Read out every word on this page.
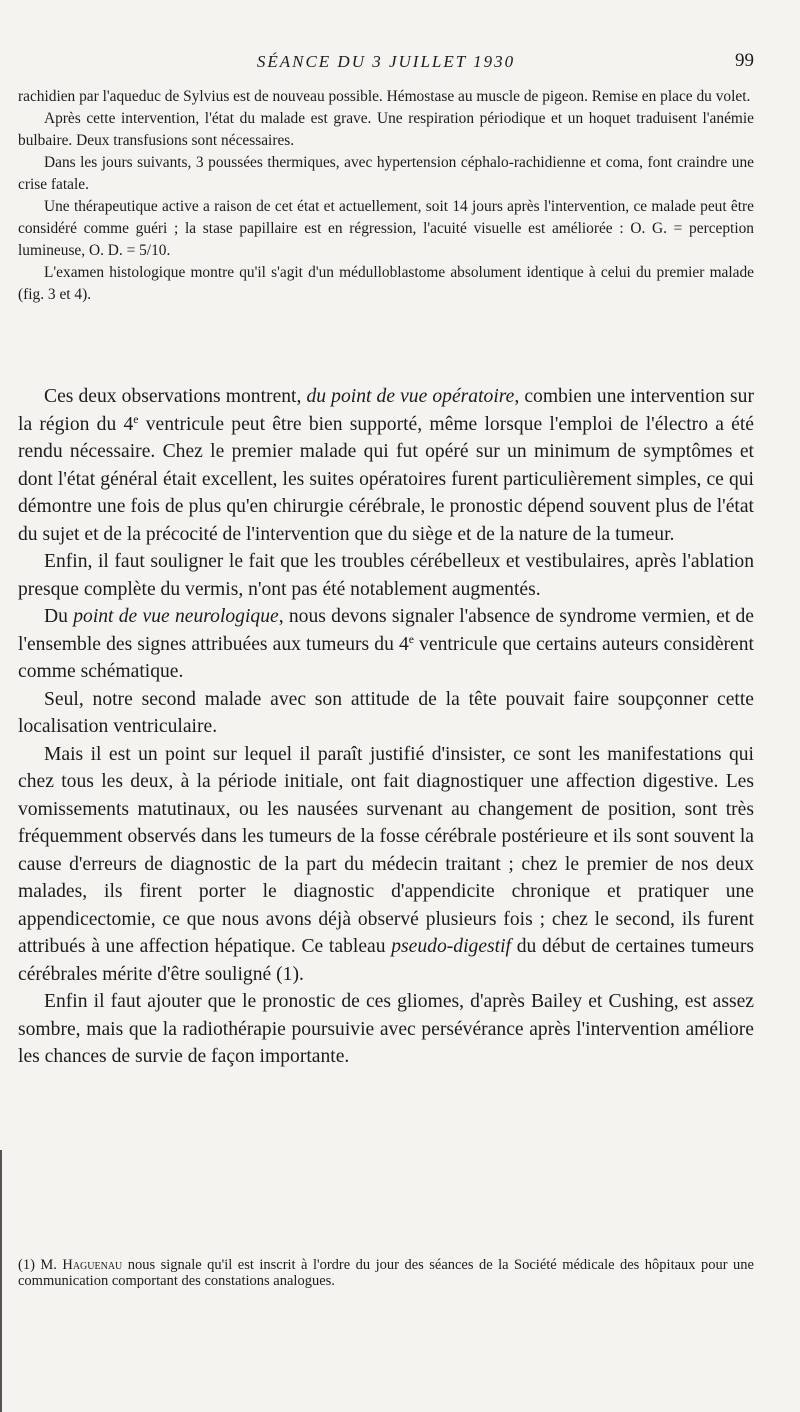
SÉANCE DU 3 JUILLET 1930	99

rachidien par l'aqueduc de Sylvius est de nouveau possible. Hémostase au muscle de pigeon. Remise en place du volet.

Après cette intervention, l'état du malade est grave. Une respiration périodique et un hoquet traduisent l'anémie bulbaire. Deux transfusions sont nécessaires.

Dans les jours suivants, 3 poussées thermiques, avec hypertension céphalo-rachidienne et coma, font craindre une crise fatale.

Une thérapeutique active a raison de cet état et actuellement, soit 14 jours après l'intervention, ce malade peut être considéré comme guéri ; la stase papillaire est en régression, l'acuité visuelle est améliorée : O. G. = perception lumineuse, O. D. = 5/10.

L'examen histologique montre qu'il s'agit d'un médulloblastome absolument identique à celui du premier malade (fig. 3 et 4).

Ces deux observations montrent, du point de vue opératoire, combien une intervention sur la région du 4e ventricule peut être bien supporté, même lorsque l'emploi de l'électro a été rendu nécessaire. Chez le premier malade qui fut opéré sur un minimum de symptômes et dont l'état général était excellent, les suites opératoires furent particulièrement simples, ce qui démontre une fois de plus qu'en chirurgie cérébrale, le pronostic dépend souvent plus de l'état du sujet et de la précocité de l'intervention que du siège et de la nature de la tumeur.

Enfin, il faut souligner le fait que les troubles cérébelleux et vestibulaires, après l'ablation presque complète du vermis, n'ont pas été notablement augmentés.

Du point de vue neurologique, nous devons signaler l'absence de syndrome vermien, et de l'ensemble des signes attribuées aux tumeurs du 4e ventricule que certains auteurs considèrent comme schématique.

Seul, notre second malade avec son attitude de la tête pouvait faire soupçonner cette localisation ventriculaire.

Mais il est un point sur lequel il paraît justifié d'insister, ce sont les manifestations qui chez tous les deux, à la période initiale, ont fait diagnostiquer une affection digestive. Les vomissements matutinaux, ou les nausées survenant au changement de position, sont très fréquemment observés dans les tumeurs de la fosse cérébrale postérieure et ils sont souvent la cause d'erreurs de diagnostic de la part du médecin traitant ; chez le premier de nos deux malades, ils firent porter le diagnostic d'appendicite chronique et pratiquer une appendicectomie, ce que nous avons déjà observé plusieurs fois ; chez le second, ils furent attribués à une affection hépatique. Ce tableau pseudo-digestif du début de certaines tumeurs cérébrales mérite d'être souligné (1).

Enfin il faut ajouter que le pronostic de ces gliomes, d'après Bailey et Cushing, est assez sombre, mais que la radiothérapie poursuivie avec persévérance après l'intervention améliore les chances de survie de façon importante.

(1) M. Haguenau nous signale qu'il est inscrit à l'ordre du jour des séances de la Société médicale des hôpitaux pour une communication comportant des constations analogues.
